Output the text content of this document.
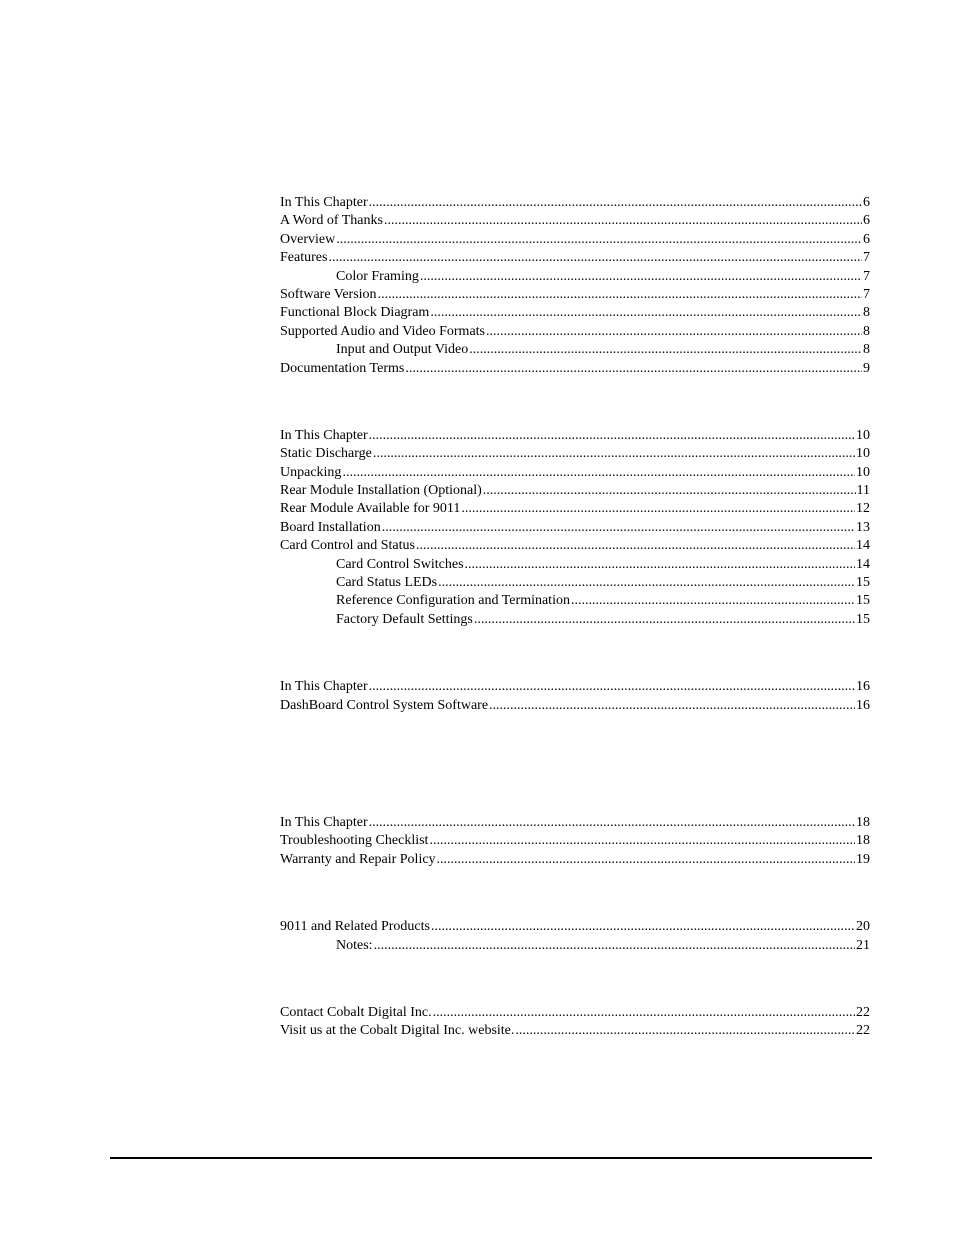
In This Chapter .....	6
A Word of Thanks .....	6
Overview .....	6
Features .....	7
Color Framing .....	7
Software Version .....	7
Functional Block Diagram .....	8
Supported Audio and Video Formats .....	8
Input and Output Video .....	8
Documentation Terms .....	9
In This Chapter .....	10
Static Discharge .....	10
Unpacking .....	10
Rear Module Installation (Optional) .....	11
Rear Module Available for 9011 .....	12
Board Installation .....	13
Card Control and Status .....	14
Card Control Switches .....	14
Card Status LEDs .....	15
Reference Configuration and Termination .....	15
Factory Default Settings .....	15
In This Chapter .....	16
DashBoard Control System Software .....	16
In This Chapter .....	18
Troubleshooting Checklist .....	18
Warranty and Repair Policy .....	19
9011 and Related Products .....	20
Notes: .....	21
Contact Cobalt Digital Inc. .....	22
Visit us at the Cobalt Digital Inc. website. .....	22
